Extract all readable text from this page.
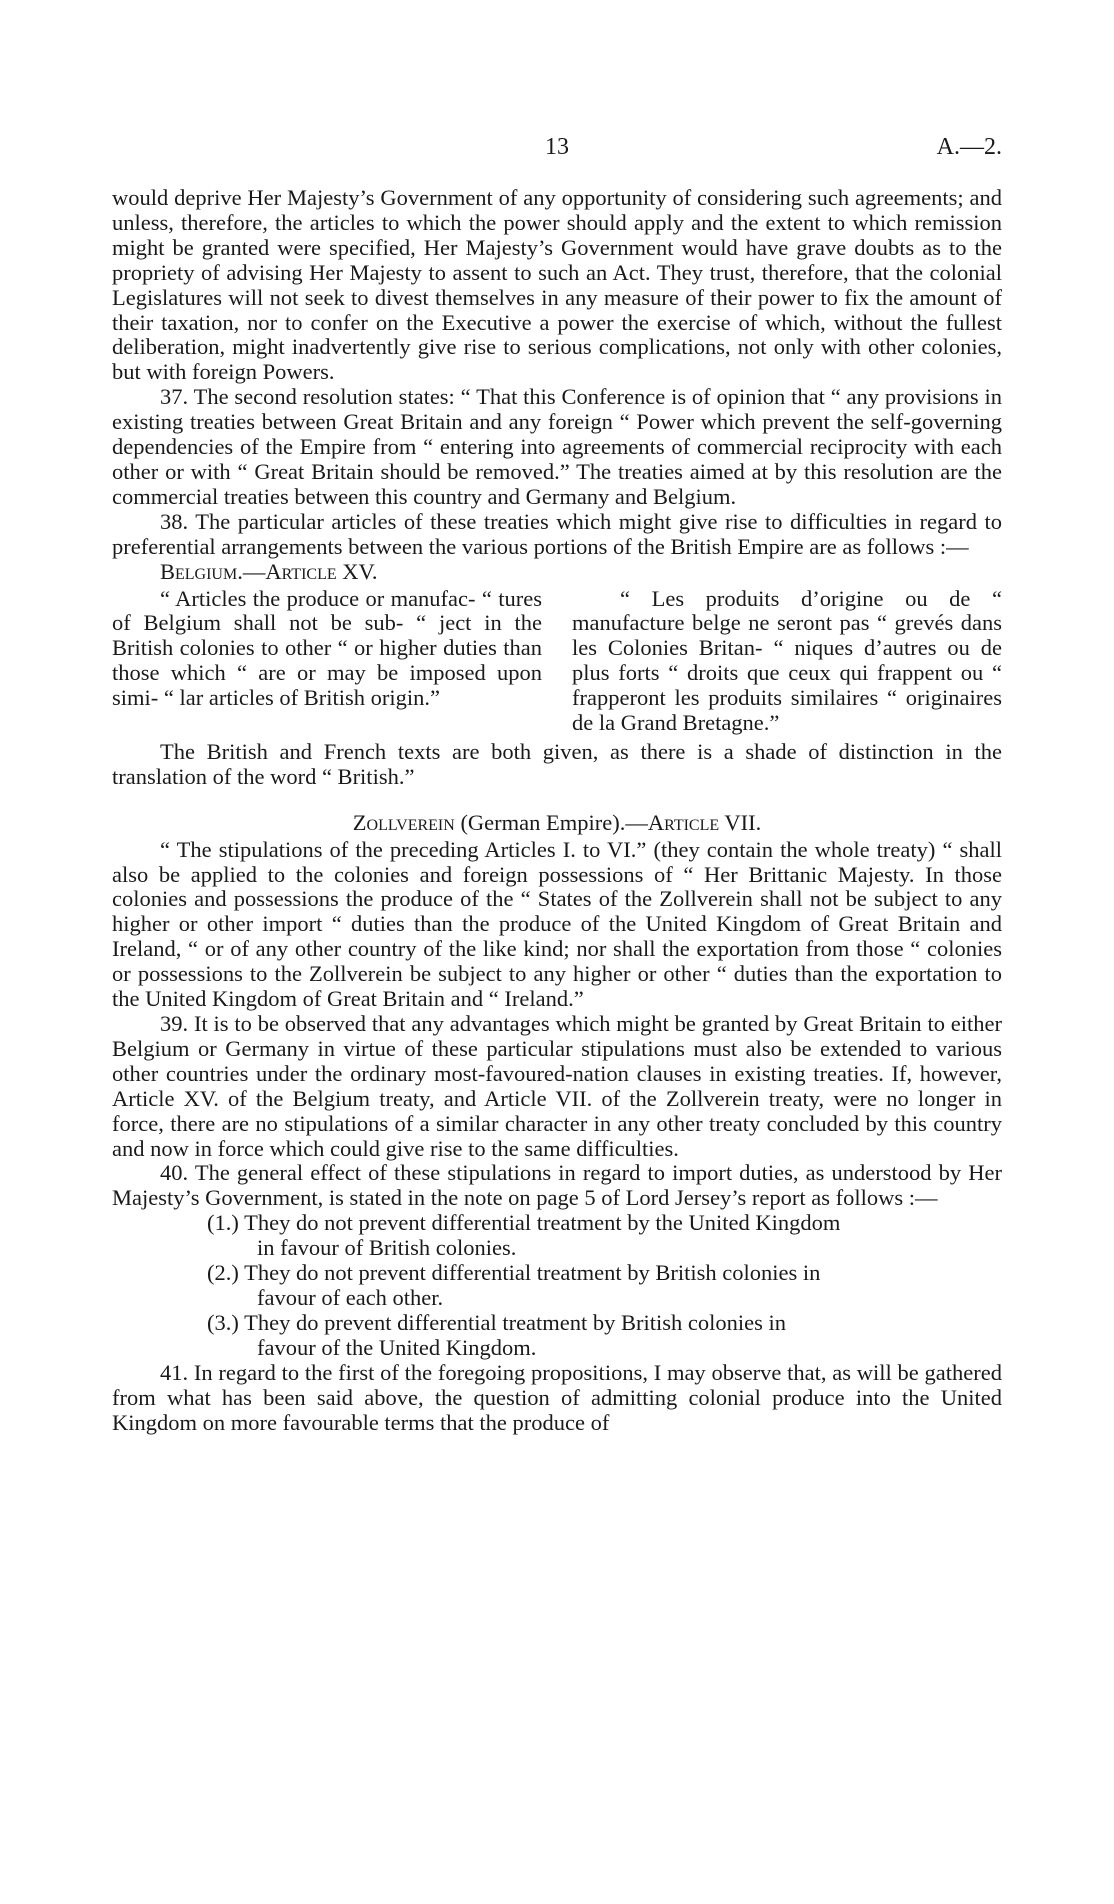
13	A.—2.

would deprive Her Majesty’s Government of any opportunity of considering such agreements; and unless, therefore, the articles to which the power should apply and the extent to which remission might be granted were specified, Her Majesty’s Government would have grave doubts as to the propriety of advising Her Majesty to assent to such an Act. They trust, therefore, that the colonial Legislatures will not seek to divest themselves in any measure of their power to fix the amount of their taxation, nor to confer on the Executive a power the exercise of which, without the fullest deliberation, might inadvertently give rise to serious complications, not only with other colonies, but with foreign Powers.

37. The second resolution states: “ That this Conference is of opinion that “ any provisions in existing treaties between Great Britain and any foreign “ Power which prevent the self-governing dependencies of the Empire from “ entering into agreements of commercial reciprocity with each other or with “ Great Britain should be removed.” The treaties aimed at by this resolution are the commercial treaties between this country and Germany and Belgium.

38. The particular articles of these treaties which might give rise to difficulties in regard to preferential arrangements between the various portions of the British Empire are as follows :—

Belgium.—Article XV.

“ Articles the produce or manufac- “ tures of Belgium shall not be sub- “ ject in the British colonies to other “ or higher duties than those which “ are or may be imposed upon simi- “ lar articles of British origin.”

“ Les produits d’origine ou de “ manufacture belge ne seront pas “ grevés dans les Colonies Britan- “ niques d’autres ou de plus forts “ droits que ceux qui frappent ou “ frapperont les produits similaires “ originaires de la Grand Bretagne.”

The British and French texts are both given, as there is a shade of distinction in the translation of the word “ British.”

Zollverein (German Empire).—Article VII.

“ The stipulations of the preceding Articles I. to VI.” (they contain the whole treaty) “ shall also be applied to the colonies and foreign possessions of “ Her Brittanic Majesty. In those colonies and possessions the produce of the “ States of the Zollverein shall not be subject to any higher or other import “ duties than the produce of the United Kingdom of Great Britain and Ireland, “ or of any other country of the like kind; nor shall the exportation from those “ colonies or possessions to the Zollverein be subject to any higher or other “ duties than the exportation to the United Kingdom of Great Britain and “ Ireland.”

39. It is to be observed that any advantages which might be granted by Great Britain to either Belgium or Germany in virtue of these particular stipulations must also be extended to various other countries under the ordinary most-favoured-nation clauses in existing treaties. If, however, Article XV. of the Belgium treaty, and Article VII. of the Zollverein treaty, were no longer in force, there are no stipulations of a similar character in any other treaty concluded by this country and now in force which could give rise to the same difficulties.

40. The general effect of these stipulations in regard to import duties, as understood by Her Majesty’s Government, is stated in the note on page 5 of Lord Jersey’s report as follows :—

(1.) They do not prevent differential treatment by the United Kingdom
in favour of British colonies.

(2.) They do not prevent differential treatment by British colonies in
favour of each other.

(3.) They do prevent differential treatment by British colonies in
favour of the United Kingdom.

41. In regard to the first of the foregoing propositions, I may observe that, as will be gathered from what has been said above, the question of admitting colonial produce into the United Kingdom on more favourable terms that the produce of
